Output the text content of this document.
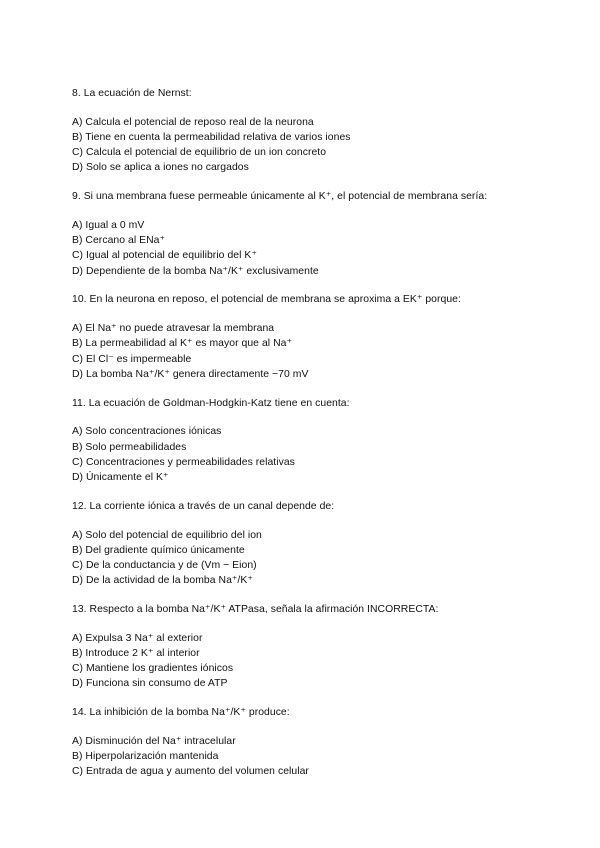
8. La ecuación de Nernst:
A) Calcula el potencial de reposo real de la neurona
B) Tiene en cuenta la permeabilidad relativa de varios iones
C) Calcula el potencial de equilibrio de un ion concreto
D) Solo se aplica a iones no cargados
9. Si una membrana fuese permeable únicamente al K⁺, el potencial de membrana sería:
A) Igual a 0 mV
B) Cercano al ENa⁺
C) Igual al potencial de equilibrio del K⁺
D) Dependiente de la bomba Na⁺/K⁺ exclusivamente
10. En la neurona en reposo, el potencial de membrana se aproxima a EK⁺ porque:
A) El Na⁺ no puede atravesar la membrana
B) La permeabilidad al K⁺ es mayor que al Na⁺
C) El Cl⁻ es impermeable
D) La bomba Na⁺/K⁺ genera directamente −70 mV
11. La ecuación de Goldman-Hodgkin-Katz tiene en cuenta:
A) Solo concentraciones iónicas
B) Solo permeabilidades
C) Concentraciones y permeabilidades relativas
D) Únicamente el K⁺
12. La corriente iónica a través de un canal depende de:
A) Solo del potencial de equilibrio del ion
B) Del gradiente químico únicamente
C) De la conductancia y de (Vm − Eion)
D) De la actividad de la bomba Na⁺/K⁺
13. Respecto a la bomba Na⁺/K⁺ ATPasa, señala la afirmación INCORRECTA:
A) Expulsa 3 Na⁺ al exterior
B) Introduce 2 K⁺ al interior
C) Mantiene los gradientes iónicos
D) Funciona sin consumo de ATP
14. La inhibición de la bomba Na⁺/K⁺ produce:
A) Disminución del Na⁺ intracelular
B) Hiperpolarización mantenida
C) Entrada de agua y aumento del volumen celular
